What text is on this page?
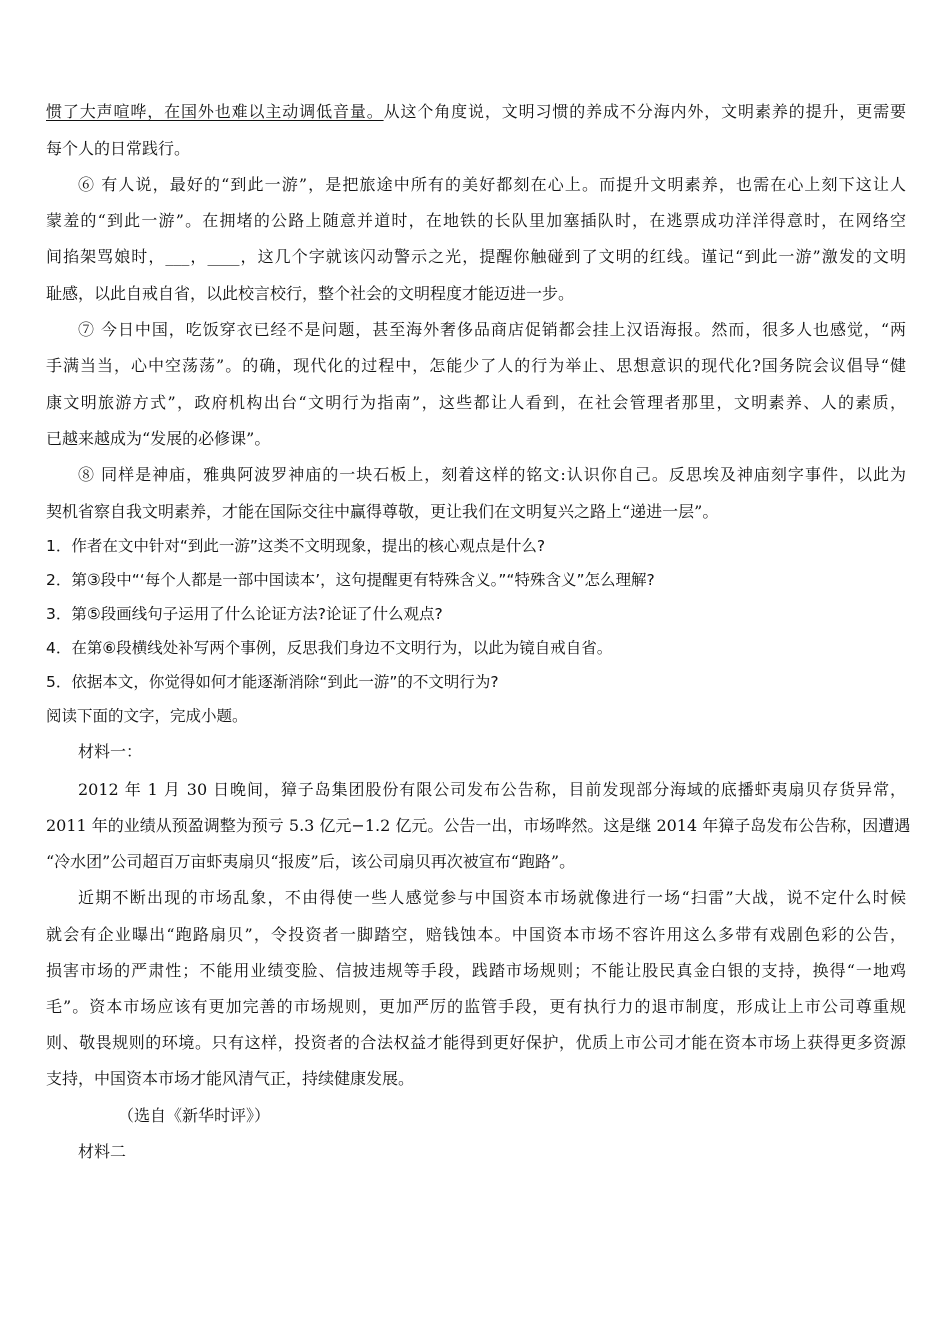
惯了大声喧哗，在国外也难以主动调低音量。从这个角度说，文明习惯的养成不分海内外，文明素养的提升，更需要
每个人的日常践行。
⑥ 有人说，最好的“到此一游”，是把旅途中所有的美好都刻在心上。而提升文明素养，也需在心上刻下这让人
蒙羞的“到此一游”。在拥堵的公路上随意并道时，在地铁的长队里加塞插队时，在逃票成功洋洋得意时，在网络空
间掐架骂娘时，___，____，这几个字就该闪动警示之光，提醒你触碰到了文明的红线。谨记“到此一游”激发的文明
耻感，以此自戒自省，以此校言校行，整个社会的文明程度才能迈进一步。
⑦ 今日中国，吃饭穿衣已经不是问题，甚至海外奢侈品商店促销都会挂上汉语海报。然而，很多人也感觉，“两
手满当当，心中空荡荡”。的确，现代化的过程中，怎能少了人的行为举止、思想意识的现代化?国务院会议倡导“健
康文明旅游方式”，政府机构出台“文明行为指南”，这些都让人看到，在社会管理者那里，文明素养、人的素质，
已越来越成为“发展的必修课”。
⑧ 同样是神庙，雅典阿波罗神庙的一块石板上，刻着这样的铭文:认识你自己。反思埃及神庙刻字事件，以此为
契机省察自我文明素养，才能在国际交往中赢得尊敬，更让我们在文明复兴之路上“递进一层”。
1．作者在文中针对“到此一游”这类不文明现象，提出的核心观点是什么?
2．第③段中“‘每个人都是一部中国读本’，这句提醒更有特殊含义。”“特殊含义”怎么理解?
3．第⑤段画线句子运用了什么论证方法?论证了什么观点?
4．在第⑥段横线处补写两个事例，反思我们身边不文明行为，以此为镜自戒自省。
5．依据本文，你觉得如何才能逐渐消除“到此一游”的不文明行为?
阅读下面的文字，完成小题。
材料一：
2012 年 1 月 30 日晚间，獐子岛集团股份有限公司发布公告称，目前发现部分海域的底播虾夷扇贝存货异常，
2011 年的业绩从预盈调整为预亏 5.3 亿元−1.2 亿元。公告一出，市场哗然。这是继 2014 年獐子岛发布公告称，因遭遇
“冷水团”公司超百万亩虾夷扇贝“报废”后，该公司扇贝再次被宣布“跑路”。
近期不断出现的市场乱象，不由得使一些人感觉参与中国资本市场就像进行一场“扫雷”大战，说不定什么时候
就会有企业曝出“跑路扇贝”，令投资者一脚踏空，赔钱蚀本。中国资本市场不容许用这么多带有戏剧色彩的公告，
损害市场的严肃性；不能用业绩变脸、信披违规等手段，践踏市场规则；不能让股民真金白银的支持，换得“一地鸡
毛”。资本市场应该有更加完善的市场规则，更加严厉的监管手段，更有执行力的退市制度，形成让上市公司尊重规
则、敬畏规则的环境。只有这样，投资者的合法权益才能得到更好保护，优质上市公司才能在资本市场上获得更多资源
支持，中国资本市场才能风清气正，持续健康发展。
（选自《新华时评》）
材料二
